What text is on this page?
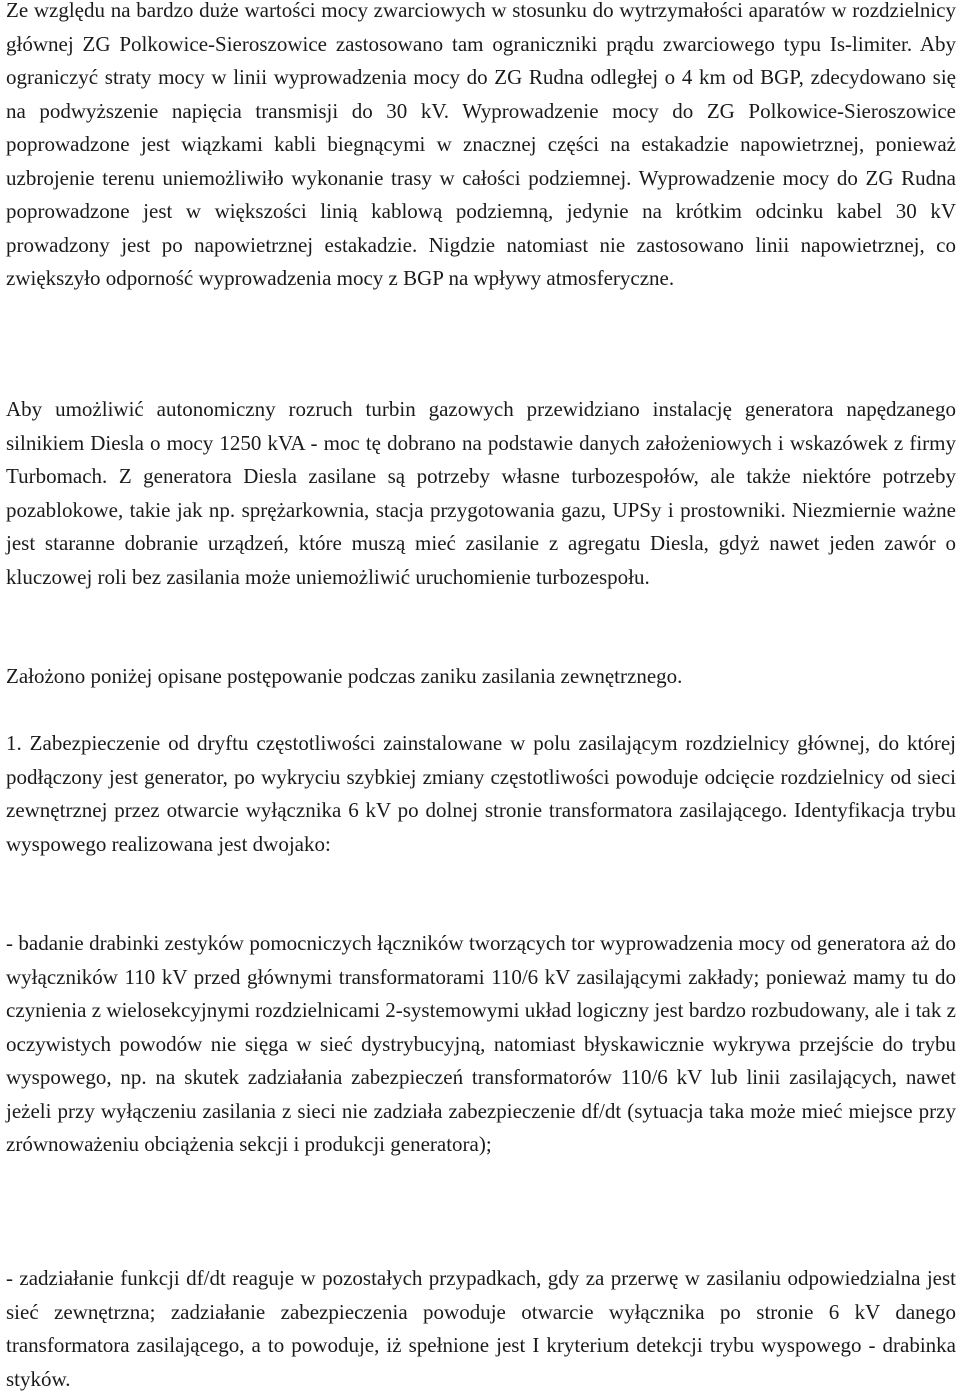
Ze względu na bardzo duże wartości mocy zwarciowych w stosunku do wytrzymałości aparatów w rozdzielnicy głównej ZG Polkowice-Sieroszowice zastosowano tam ograniczniki prądu zwarciowego typu Is-limiter. Aby ograniczyć straty mocy w linii wyprowadzenia mocy do ZG Rudna odległej o 4 km od BGP, zdecydowano się na podwyższenie napięcia transmisji do 30 kV. Wyprowadzenie mocy do ZG Polkowice-Sieroszowice poprowadzone jest wiązkami kabli biegnącymi w znacznej części na estakadzie napowietrznej, ponieważ uzbrojenie terenu uniemożliwiło wykonanie trasy w całości podziemnej. Wyprowadzenie mocy do ZG Rudna poprowadzone jest w większości linią kablową podziemną, jedynie na krótkim odcinku kabel 30 kV prowadzony jest po napowietrznej estakadzie. Nigdzie natomiast nie zastosowano linii napowietrznej, co zwiększyło odporność wyprowadzenia mocy z BGP na wpływy atmosferyczne.

Aby umożliwić autonomiczny rozruch turbin gazowych przewidziano instalację generatora napędzanego silnikiem Diesla o mocy 1250 kVA - moc tę dobrano na podstawie danych założeniowych i wskazówek z firmy Turbomach. Z generatora Diesla zasilane są potrzeby własne turbozespołów, ale także niektóre potrzeby pozablokowe, takie jak np. sprężarkownia, stacja przygotowania gazu, UPSy i prostowniki. Niezmiernie ważne jest staranne dobranie urządzeń, które muszą mieć zasilanie z agregatu Diesla, gdyż nawet jeden zawór o kluczowej roli bez zasilania może uniemożliwić uruchomienie turbozespołu.

Założono poniżej opisane postępowanie podczas zaniku zasilania zewnętrznego.

1. Zabezpieczenie od dryftu częstotliwości zainstalowane w polu zasilającym rozdzielnicy głównej, do której podłączony jest generator, po wykryciu szybkiej zmiany częstotliwości powoduje odcięcie rozdzielnicy od sieci zewnętrznej przez otwarcie wyłącznika 6 kV po dolnej stronie transformatora zasilającego. Identyfikacja trybu wyspowego realizowana jest dwojako:

- badanie drabinki zestyków pomocniczych łączników tworzących tor wyprowadzenia mocy od generatora aż do wyłączników 110 kV przed głównymi transformatorami 110/6 kV zasilającymi zakłady; ponieważ mamy tu do czynienia z wielosekcyjnymi rozdzielnicami 2-systemowymi układ logiczny jest bardzo rozbudowany, ale i tak z oczywistych powodów nie sięga w sieć dystrybucyjną, natomiast błyskawicznie wykrywa przejście do trybu wyspowego, np. na skutek zadziałania zabezpieczeń transformatorów 110/6 kV lub linii zasilających, nawet jeżeli przy wyłączeniu zasilania z sieci nie zadziała zabezpieczenie df/dt (sytuacja taka może mieć miejsce przy zrównoważeniu obciążenia sekcji i produkcji generatora);

- zadziałanie funkcji df/dt reaguje w pozostałych przypadkach, gdy za przerwę w zasilaniu odpowiedzialna jest sieć zewnętrzna; zadziałanie zabezpieczenia powoduje otwarcie wyłącznika po stronie 6 kV danego transformatora zasilającego, a to powoduje, iż spełnione jest I kryterium detekcji trybu wyspowego - drabinka styków.
